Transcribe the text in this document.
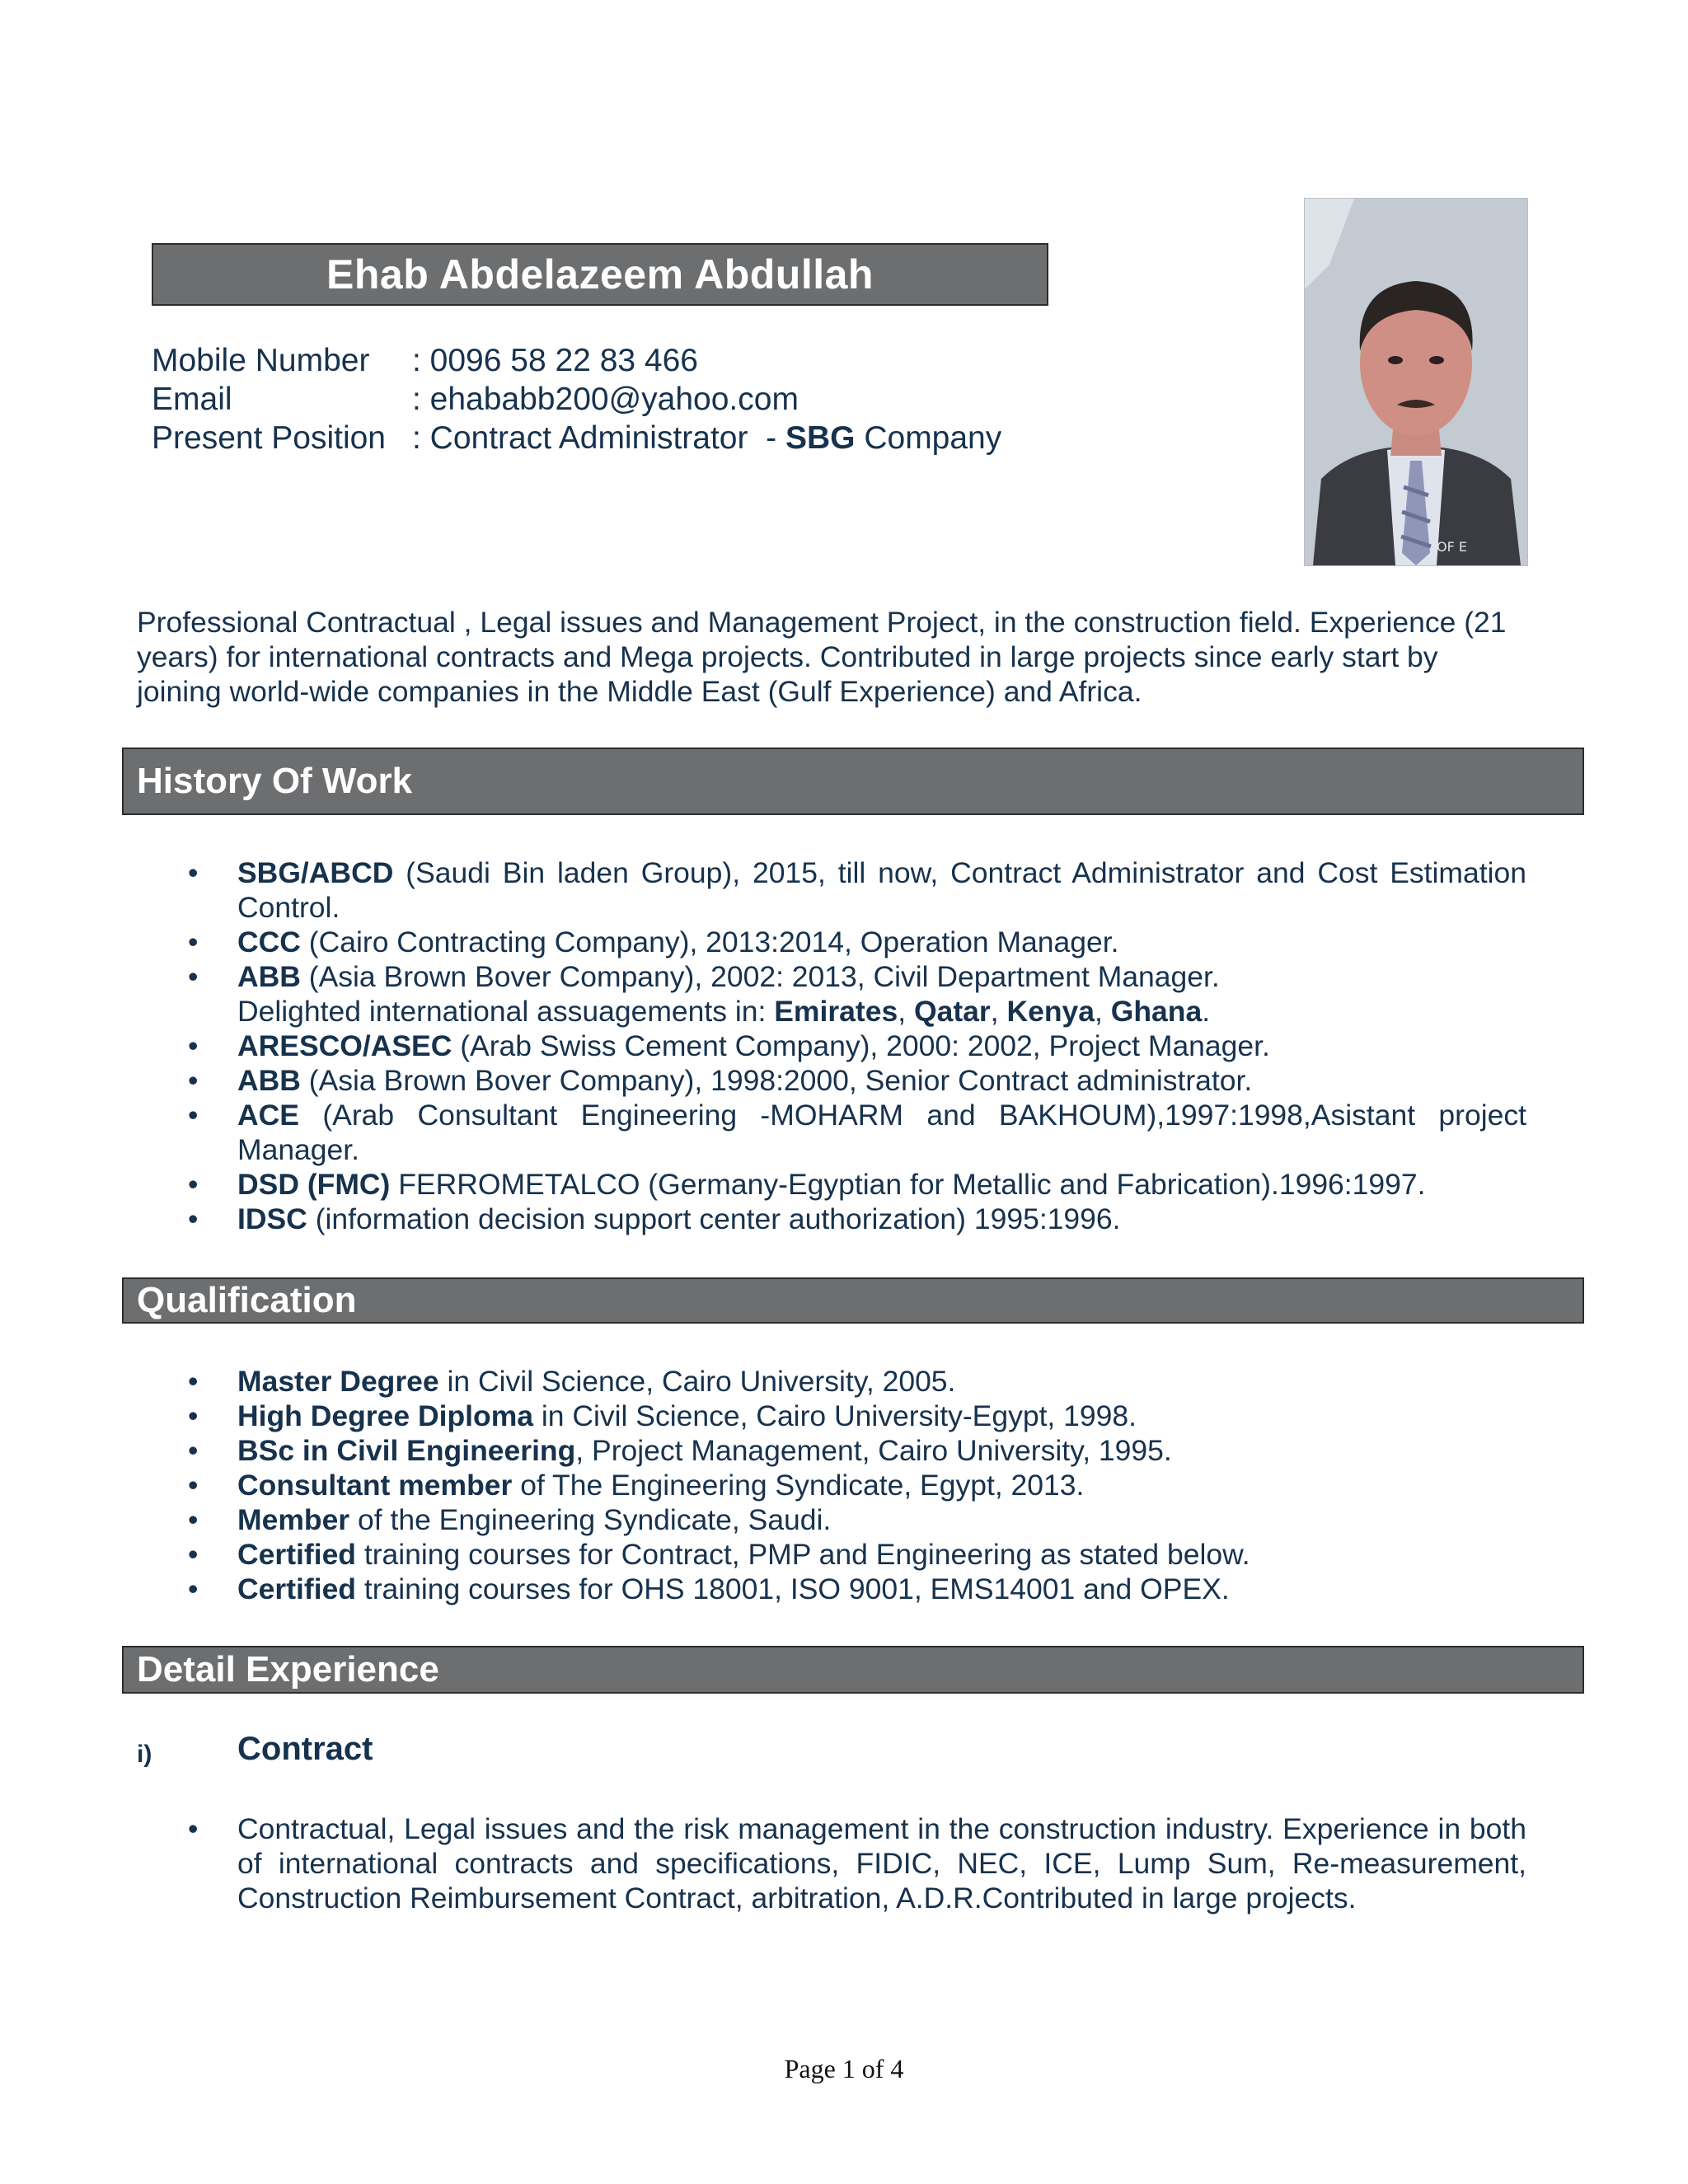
Ehab Abdelazeem Abdullah
Mobile Number	: 0096 58 22 83 466
Email	: ehababb200@yahoo.com
Present Position : Contract Administrator  - SBG Company
OF E
Professional Contractual , Legal issues and Management Project, in the construction field. Experience (21 years) for international contracts and Mega projects. Contributed in large projects since early start by joining world-wide companies in the Middle East (Gulf Experience) and Africa.
History Of Work
• SBG/ABCD (Saudi Bin laden Group), 2015, till now, Contract Administrator and Cost Estimation Control.
• CCC (Cairo Contracting Company), 2013:2014, Operation Manager.
• ABB (Asia Brown Bover Company), 2002: 2013, Civil Department Manager.
Delighted international assuagements in: Emirates, Qatar, Kenya, Ghana.
• ARESCO/ASEC (Arab Swiss Cement Company), 2000: 2002, Project Manager.
• ABB (Asia Brown Bover Company), 1998:2000, Senior Contract administrator.
• ACE (Arab Consultant Engineering -MOHARM and BAKHOUM),1997:1998,Asistant project Manager.
• DSD (FMC) FERROMETALCO (Germany-Egyptian for Metallic and Fabrication).1996:1997.
• IDSC (information decision support center authorization) 1995:1996.
Qualification
• Master Degree in Civil Science, Cairo University, 2005.
• High Degree Diploma in Civil Science, Cairo University-Egypt, 1998.
• BSc in Civil Engineering, Project Management, Cairo University, 1995.
• Consultant member of The Engineering Syndicate, Egypt, 2013.
• Member of the Engineering Syndicate, Saudi.
• Certified training courses for Contract, PMP and Engineering as stated below.
• Certified training courses for OHS 18001, ISO 9001, EMS14001 and OPEX.
Detail Experience
i)	Contract
• Contractual, Legal issues and the risk management in the construction industry. Experience in both of international contracts and specifications, FIDIC, NEC, ICE, Lump Sum, Re-measurement, Construction Reimbursement Contract, arbitration, A.D.R.Contributed in large projects.
Page 1 of 4
